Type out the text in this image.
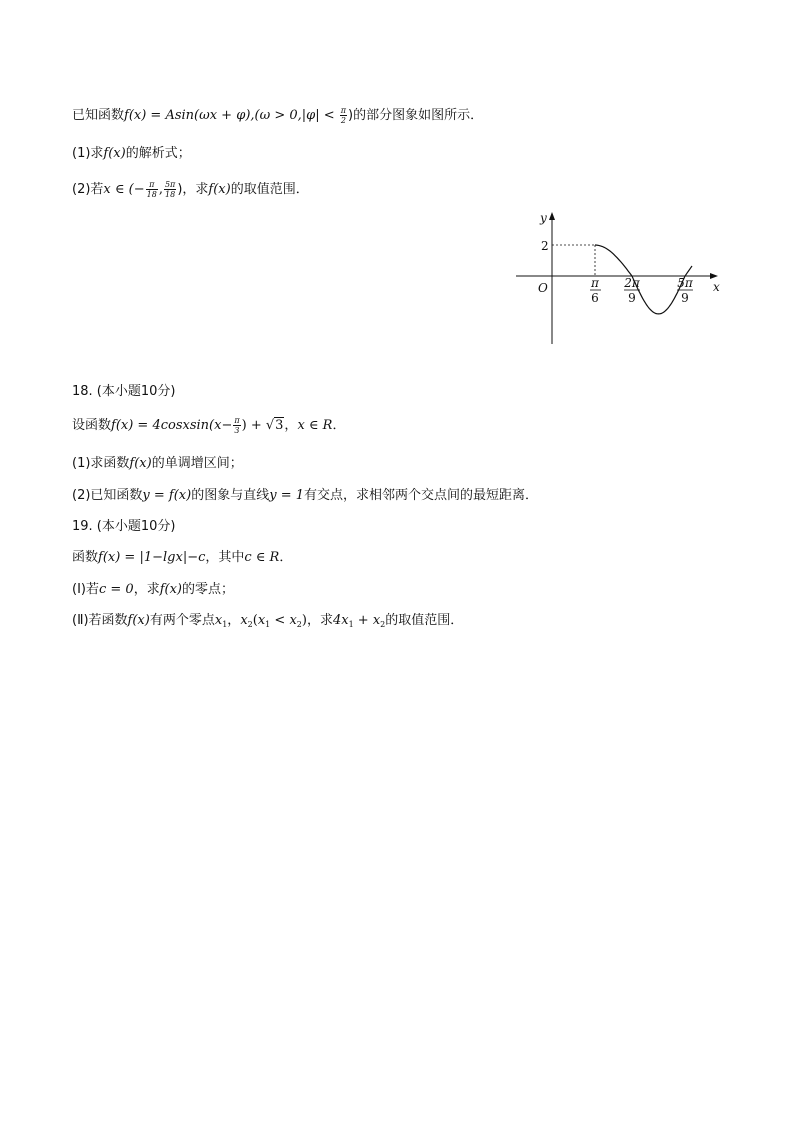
已知函数$f(x) = Asin(\omega x + \varphi),(\omega > 0,|\varphi| < \frac{\pi}{2}$ )的部分图象如图所示．
(1)求f(x)的解析式；
(2)若x ∈ (− $\frac{\pi}{18}$ , $\frac{5\pi}{18}$ )，求f(x)的取值范围．
y
x
O
2
π
6
2π
9
5π
9
18. (本小题10分)
设函数f(x) = 4cosxsin(x− $\frac{\pi}{3}$ ) + √3，x ∈ R．
(1)求函数f(x)的单调增区间；
(2)已知函数y = f(x)的图象与直线y = 1有交点，求相邻两个交点间的最短距离．
19. (本小题10分)
函数f(x) = |1−lgx|−c，其中c ∈ R．
(Ⅰ)若c = 0，求f(x)的零点；
(Ⅱ)若函数f(x)有两个零点$x_1$，$x_2(x_1 < x_2)$，求$4x_1 + x_2$的取值范围．
